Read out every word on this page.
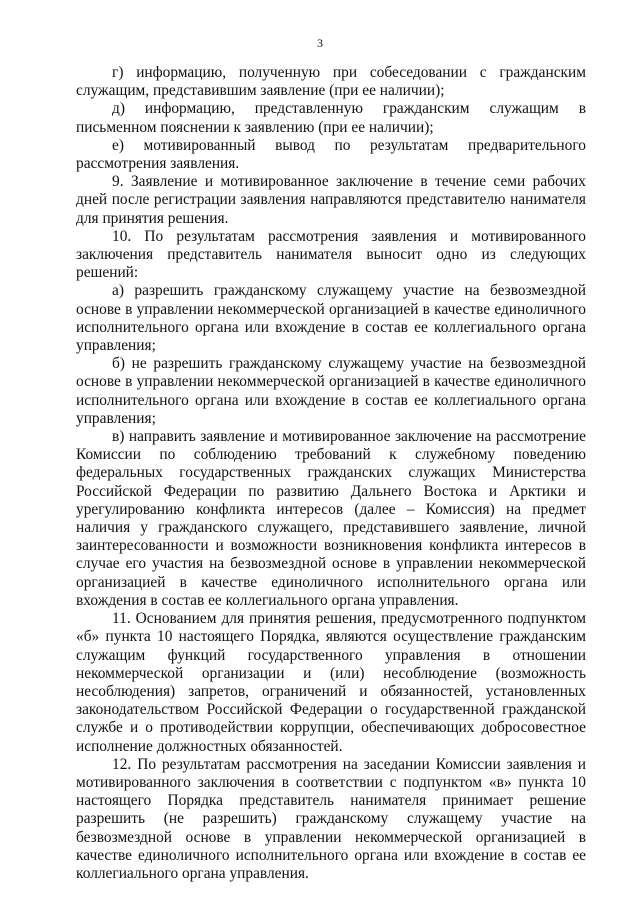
3

г) информацию, полученную при собеседовании с гражданским служащим, представившим заявление (при ее наличии);

д) информацию, представленную гражданским служащим в письменном пояснении к заявлению (при ее наличии);

е) мотивированный вывод по результатам предварительного рассмотрения заявления.

9. Заявление и мотивированное заключение в течение семи рабочих дней после регистрации заявления направляются представителю нанимателя для принятия решения.

10. По результатам рассмотрения заявления и мотивированного заключения представитель нанимателя выносит одно из следующих решений:

а) разрешить гражданскому служащему участие на безвозмездной основе в управлении некоммерческой организацией в качестве единоличного исполнительного органа или вхождение в состав ее коллегиального органа управления;

б) не разрешить гражданскому служащему участие на безвозмездной основе в управлении некоммерческой организацией в качестве единоличного исполнительного органа или вхождение в состав ее коллегиального органа управления;

в) направить заявление и мотивированное заключение на рассмотрение Комиссии по соблюдению требований к служебному поведению федеральных государственных гражданских служащих Министерства Российской Федерации по развитию Дальнего Востока и Арктики и урегулированию конфликта интересов (далее – Комиссия) на предмет наличия у гражданского служащего, представившего заявление, личной заинтересованности и возможности возникновения конфликта интересов в случае его участия на безвозмездной основе в управлении некоммерческой организацией в качестве единоличного исполнительного органа или вхождения в состав ее коллегиального органа управления.

11. Основанием для принятия решения, предусмотренного подпунктом «б» пункта 10 настоящего Порядка, являются осуществление гражданским служащим функций государственного управления в отношении некоммерческой организации и (или) несоблюдение (возможность несоблюдения) запретов, ограничений и обязанностей, установленных законодательством Российской Федерации о государственной гражданской службе и о противодействии коррупции, обеспечивающих добросовестное исполнение должностных обязанностей.

12. По результатам рассмотрения на заседании Комиссии заявления и мотивированного заключения в соответствии с подпунктом «в» пункта 10 настоящего Порядка представитель нанимателя принимает решение разрешить (не разрешить) гражданскому служащему участие на безвозмездной основе в управлении некоммерческой организацией в качестве единоличного исполнительного органа или вхождение в состав ее коллегиального органа управления.
